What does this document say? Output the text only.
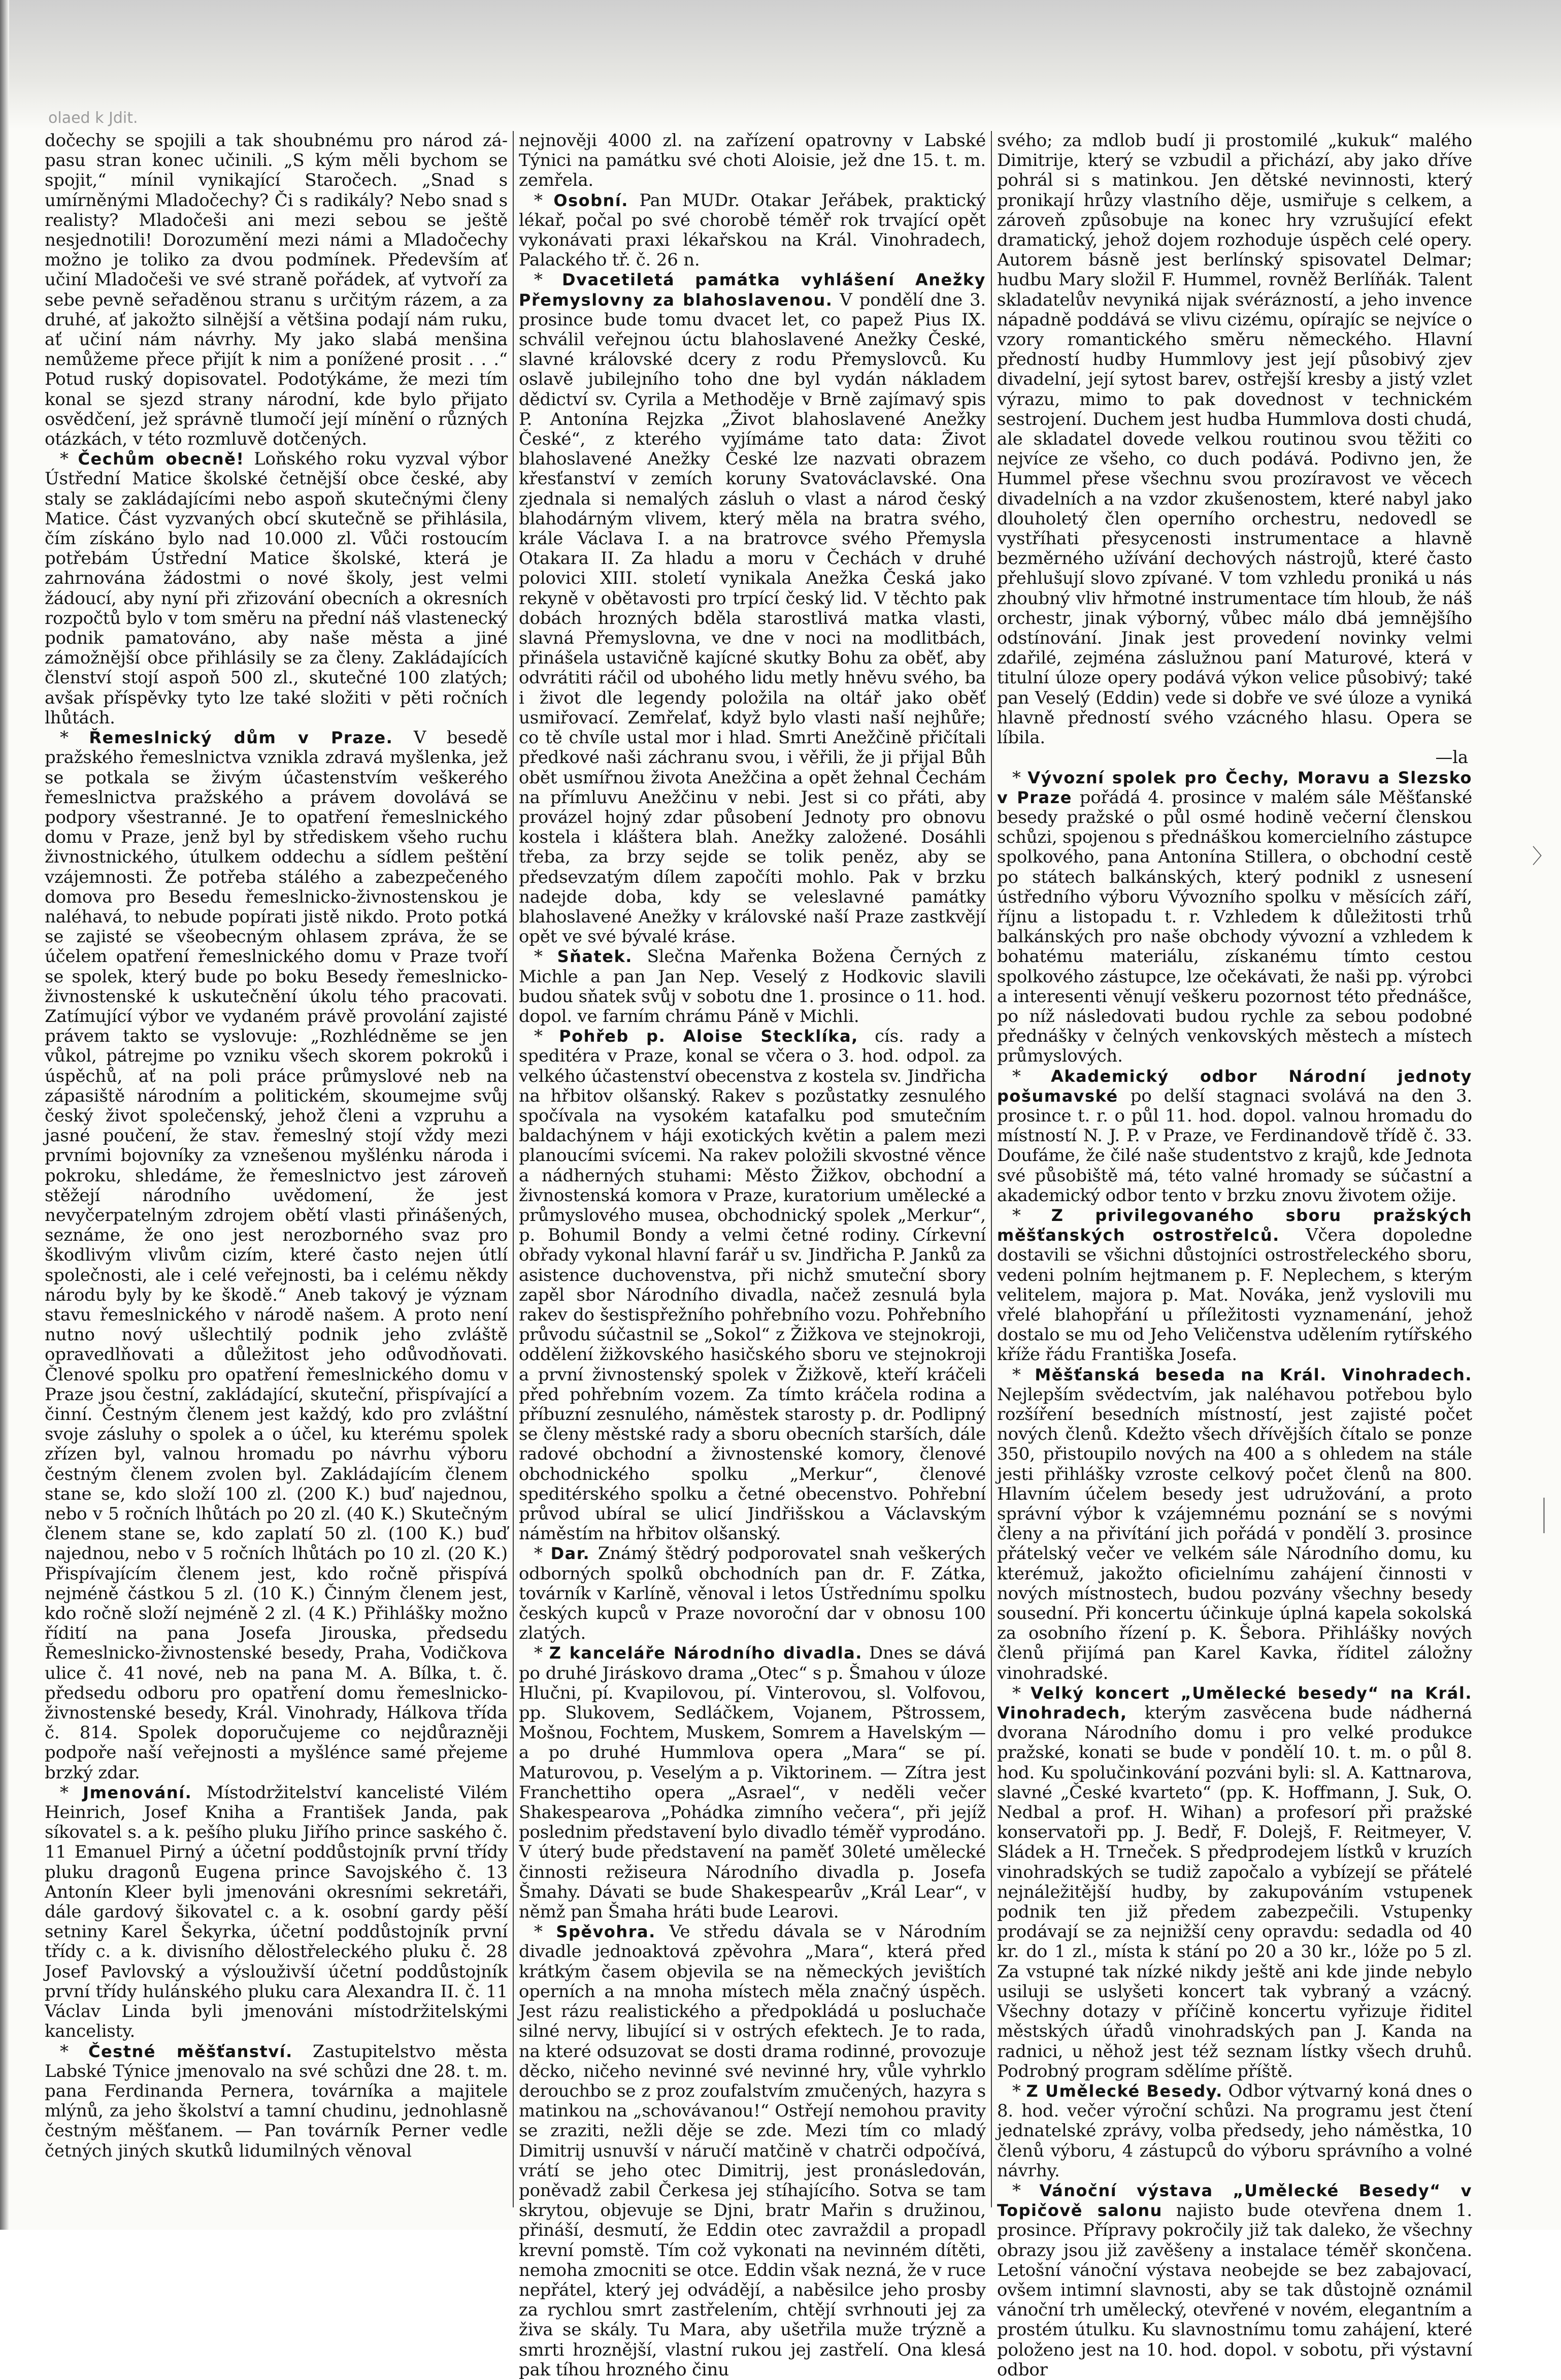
olaed k Jdit.

dočechy se spojili a tak shoubnému pro národ zá- pasu stran konec učinili. „S kým měli bychom se spojit,“ mínil vynikající Staročech. „Snad s umírněnými Mladočechy? Či s radikály? Nebo snad s realisty? Mladočeši ani mezi sebou se ještě nesjednotili! Dorozumění mezi námi a Mladočechy možno je toliko za dvou podmínek. Především ať učiní Mladočeši ve své straně pořádek, ať vytvoří za sebe pevně seřaděnou stranu s určitým rázem, a za druhé, ať jakožto silnější a většina podají nám ruku, ať učiní nám návrhy. My jako slabá menšina nemůžeme přece přijít k nim a ponížené prosit . . .“ Potud ruský dopisovatel. Podotýkáme, že mezi tím konal se sjezd strany národní, kde bylo přijato osvědčení, jež správně tlumočí její mínění o různých otázkách, v této rozmluvě dotčených.

* Čechům obecně! Loňského roku vyzval výbor Ústřední Matice školské četnější obce české, aby staly se zakládajícími nebo aspoň skutečnými členy Matice. Část vyzvaných obcí skutečně se přihlásila, čím získáno bylo nad 10.000 zl. Vůči rostoucím potřebám Ústřední Matice školské, která je zahrnována žádostmi o nové školy, jest velmi žádoucí, aby nyní při zřizování obecních a okresních rozpočtů bylo v tom směru na přední náš vlastenecký podnik pamatováno, aby naše města a jiné zámožnější obce přihlásily se za členy. Zakládajících členství stojí aspoň 500 zl., skutečné 100 zlatých; avšak příspěvky tyto lze také složiti v pěti ročních lhůtách.

* Řemeslnický dům v Praze. V besedě pražského řemeslnictva vznikla zdravá myšlenka, jež se potkala se živým účastenstvím veškerého řemeslnictva pražského a právem dovolává se podpory všestranné. Je to opatření řemeslnického domu v Praze, jenž byl by střediskem všeho ruchu živnostnického, útulkem oddechu a sídlem peštění vzájemnosti. Že potřeba stálého a zabezpečeného domova pro Besedu řemeslnicko-živnostenskou je naléhavá, to nebude popírati jistě nikdo. Proto potká se zajisté se všeobecným ohlasem zpráva, že se účelem opatření řemeslnického domu v Praze tvoří se spolek, který bude po boku Besedy řemeslnicko-živnostenské k uskutečnění úkolu tého pracovati. Zatímující výbor ve vydaném právě provolání zajisté právem takto se vyslovuje: „Rozhlédněme se jen vůkol, pátrejme po vzniku všech skorem pokroků i úspěchů, ať na poli práce průmyslové neb na zápasiště národním a politickém, skoumejme svůj český život společenský, jehož členi a vzpruhu a jasné poučení, že stav. řemeslný stojí vždy mezi prvními bojovníky za vznešenou myšlénku národa i pokroku, shledáme, že řemeslnictvo jest zároveň stěžejí národního uvědomení, že jest nevyčerpatelným zdrojem obětí vlasti přinášených, seznáme, že ono jest nerozborného svaz pro škodlivým vlivům cizím, které často nejen útlí společnosti, ale i celé veřejnosti, ba i celému někdy národu byly by ke škodě.“ Aneb takový je význam stavu řemeslnického v národě našem. A proto není nutno nový ušlechtilý podnik jeho zvláště opravedlňovati a důležitost jeho odůvodňovati. Členové spolku pro opatření řemeslnického domu v Praze jsou čestní, zakládající, skuteční, přispívající a činní. Čestným členem jest každý, kdo pro zvláštní svoje zásluhy o spolek a o účel, ku kterému spolek zřízen byl, valnou hromadu po návrhu výboru čestným členem zvolen byl. Zakládajícím členem stane se, kdo složí 100 zl. (200 K.) buď najednou, nebo v 5 ročních lhůtách po 20 zl. (40 K.) Skutečným členem stane se, kdo zaplatí 50 zl. (100 K.) buď najednou, nebo v 5 ročních lhůtách po 10 zl. (20 K.) Přispívajícím členem jest, kdo ročně přispívá nejméně částkou 5 zl. (10 K.) Činným členem jest, kdo ročně složí nejméně 2 zl. (4 K.) Přihlášky možno řídití na pana Josefa Jirouska, předsedu Řemeslnicko-živnostenské besedy, Praha, Vodičkova ulice č. 41 nové, neb na pana M. A. Bílka, t. č. předsedu odboru pro opatření domu řemeslnicko-živnostenské besedy, Král. Vinohrady, Hálkova třída č. 814. Spolek doporučujeme co nejdůrazněji podpoře naší veřejnosti a myšlénce samé přejeme brzký zdar.

* Jmenování. Místodržitelství kancelisté Vilém Heinrich, Josef Kniha a František Janda, pak síkovatel s. a k. pešího pluku Jiřího prince saského č. 11 Emanuel Pirný a účetní poddůstojník první třídy pluku dragonů Eugena prince Savojského č. 13 Antonín Kleer byli jmenováni okresními sekretáři, dále gardový šikovatel c. a k. osobní gardy pěší setniny Karel Šekyrka, účetní poddůstojník první třídy c. a k. divisního dělostřeleckého pluku č. 28 Josef Pavlovský a výslouživší účetní poddůstojník první třídy hulánského pluku cara Alexandra II. č. 11 Václav Linda byli jmenováni místodržitelskými kancelisty.

* Čestné měšťanství. Zastupitelstvo města Labské Týnice jmenovalo na své schůzi dne 28. t. m. pana Ferdinanda Pernera, továrníka a majitele mlýnů, za jeho školství a tamní chudinu, jednohlasně čestným měšťanem. — Pan továrník Perner vedle četných jiných skutků lidumilných věnoval

nejnověji 4000 zl. na zařízení opatrovny v Labské Týnici na památku své choti Aloisie, jež dne 15. t. m. zemřela.

* Osobní. Pan MUDr. Otakar Jeřábek, praktický lékař, počal po své chorobě téměř rok trvající opět vykonávati praxi lékařskou na Král. Vinohradech, Palackého tř. č. 26 n.

* Dvacetiletá památka vyhlášení Anežky Přemyslovny za blahoslavenou. V pondělí dne 3. prosince bude tomu dvacet let, co papež Pius IX. schválil veřejnou úctu blahoslavené Anežky České, slavné královské dcery z rodu Přemyslovců. Ku oslavě jubilejního toho dne byl vydán nákladem dědictví sv. Cyrila a Methoděje v Brně zajímavý spis P. Antonína Rejzka „Život blahoslavené Anežky České“, z kterého vyjímáme tato data: Život blahoslavené Anežky České lze nazvati obrazem křesťanství v zemích koruny Svatováclavské. Ona zjednala si nemalých zásluh o vlast a národ český blahodárným vlivem, který měla na bratra svého, krále Václava I. a na bratrovce svého Přemysla Otakara II. Za hladu a moru v Čechách v druhé polovici XIII. století vynikala Anežka Česká jako rekyně v obětavosti pro trpící český lid. V těchto pak dobách hrozných bděla starostlivá matka vlasti, slavná Přemyslovna, ve dne v noci na modlitbách, přinášela ustavičně kajícné skutky Bohu za oběť, aby odvrátiti ráčil od ubohého lidu metly hněvu svého, ba i život dle legendy položila na oltář jako oběť usmiřovací. Zemřelať, když bylo vlasti naší nejhůře; co tě chvíle ustal mor i hlad. Smrti Anežčině přičítali předkové naši záchranu svou, i věřili, že ji přijal Bůh obět usmířnou života Anežčina a opět žehnal Čechám na přímluvu Anežčinu v nebi. Jest si co přáti, aby provázel hojný zdar působení Jednoty pro obnovu kostela i kláštera blah. Anežky založené. Dosáhli třeba, za brzy sejde se tolik peněz, aby se předsevzatým dílem započíti mohlo. Pak v brzku nadejde doba, kdy se veleslavné památky blahoslavené Anežky v královské naší Praze zastkvějí opět ve své bývalé kráse.

* Sňatek. Slečna Mařenka Božena Černých z Michle a pan Jan Nep. Veselý z Hodkovic slavili budou sňatek svůj v sobotu dne 1. prosince o 11. hod. dopol. ve farním chrámu Páně v Michli.

* Pohřeb p. Aloise Stecklíka, cís. rady a speditéra v Praze, konal se včera o 3. hod. odpol. za velkého účastenství obecenstva z kostela sv. Jindřicha na hřbitov olšanský. Rakev s pozůstatky zesnulého spočívala na vysokém katafalku pod smutečním baldachýnem v háji exotických květin a palem mezi planoucími svícemi. Na rakev položili skvostné věnce a nádherných stuhami: Město Žižkov, obchodní a živnostenská komora v Praze, kuratorium umělecké a průmyslového musea, obchodnický spolek „Merkur“, p. Bohumil Bondy a velmi četné rodiny. Církevní obřady vykonal hlavní farář u sv. Jindřicha P. Janků za asistence duchovenstva, při nichž smuteční sbory zapěl sbor Národního divadla, načež zesnulá byla rakev do šestispřežního pohřebního vozu. Pohřebního průvodu súčastnil se „Sokol“ z Žižkova ve stejnokroji, oddělení žižkovského hasičského sboru ve stejnokroji a první živnostenský spolek v Žižkově, kteří kráčeli před pohřebním vozem. Za tímto kráčela rodina a příbuzní zesnulého, náměstek starosty p. dr. Podlipný se členy městské rady a sboru obecních starších, dále radové obchodní a živnostenské komory, členové obchodnického spolku „Merkur“, členové speditérského spolku a četné obecenstvo. Pohřební průvod ubíral se ulicí Jindřišskou a Václavským náměstím na hřbitov olšanský.

* Dar. Známý štědrý podporovatel snah veškerých odborných spolků obchodních pan dr. F. Zátka, továrník v Karlíně, věnoval i letos Ústřednímu spolku českých kupců v Praze novoroční dar v obnosu 100 zlatých.

* Z kanceláře Národního divadla. Dnes se dává po druhé Jiráskovo drama „Otec“ s p. Šmahou v úloze Hlučni, pí. Kvapilovou, pí. Vinterovou, sl. Volfovou, pp. Slukovem, Sedláčkem, Vojanem, Pštrossem, Mošnou, Fochtem, Muskem, Somrem a Havelským — a po druhé Hummlova opera „Mara“ se pí. Maturovou, p. Veselým a p. Viktorinem. — Zítra jest Franchettiho opera „Asrael“, v neděli večer Shakespearova „Pohádka zimního večera“, při jejíž poslednim představení bylo divadlo téměř vyprodáno. V úterý bude představení na paměť 30leté umělecké činnosti režiseura Národního divadla p. Josefa Šmahy. Dávati se bude Shakespearův „Král Lear“, v němž pan Šmaha hráti bude Learovi.

* Spěvohra. Ve středu dávala se v Národním divadle jednoaktová zpěvohra „Mara“, která před krátkým časem objevila se na německých jevištích operních a na mnoha místech měla značný úspěch. Jest rázu realistického a předpokládá u posluchače silné nervy, libující si v ostrých efektech. Je to rada, na které odsuzovat se dosti drama rodinné, provozuje děcko, ničeho nevinné své nevinné hry, vůle vyhrklo derouchbo se z proz zoufalstvím zmučených, hazyra s matinkou na „schovávanou!“ Ostřejí nemohou pravity se zraziti, nežli děje se zde. Mezi tím co mladý Dimitrij usnuvší v náručí matčině v chatrči odpočívá, vrátí se jeho otec Dimitrij, jest pronásledován, poněvadž zabil Čerkesa jej stíhajícího. Sotva se tam skrytou, objevuje se Djni, bratr Mařin s družinou, přináší, desmutí, že Eddin otec zavraždil a propadl krevní pomstě. Tím což vykonati na nevinném dítěti, nemoha zmocniti se otce. Eddin však nezná, že v ruce nepřátel, který jej odvádějí, a naběsilce jeho prosby za rychlou smrt zastřelením, chtějí svrhnouti jej za živa se skály. Tu Mara, aby ušetřila muže trýzně a smrti hroznější, vlastní rukou jej zastřelí. Ona klesá pak tíhou hrozného činu

svého; za mdlob budí ji prostomilé „kukuk“ malého Dimitrije, který se vzbudil a přichází, aby jako dříve pohrál si s matinkou. Jen dětské nevinnosti, který pronikají hrůzy vlastního děje, usmiřuje s celkem, a zároveň způsobuje na konec hry vzrušující efekt dramatický, jehož dojem rozhoduje úspěch celé opery. Autorem básně jest berlínský spisovatel Delmar; hudbu Mary složil F. Hummel, rovněž Berlíňák. Talent skladatelův nevyniká nijak svérázností, a jeho invence nápadně poddává se vlivu cizému, opírajíc se nejvíce o vzory romantického směru německého. Hlavní předností hudby Hummlovy jest její působivý zjev divadelní, její sytost barev, ostřejší kresby a jistý vzlet výrazu, mimo to pak dovednost v technickém sestrojení. Duchem jest hudba Hummlova dosti chudá, ale skladatel dovede velkou routinou svou těžiti co nejvíce ze všeho, co duch podává. Podivno jen, že Hummel přese všechnu svou prozíravost ve věcech divadelních a na vzdor zkušenostem, které nabyl jako dlouholetý člen operního orchestru, nedovedl se vystříhati přesycenosti instrumentace a hlavně bezměrného užívání dechových nástrojů, které často přehlušují slovo zpívané. V tom vzhledu proniká u nás zhoubný vliv hřmotné instrumentace tím hloub, že náš orchestr, jinak výborný, vůbec málo dbá jemnějšího odstínování. Jinak jest provedení novinky velmi zdařilé, zejména záslužnou paní Maturové, která v titulní úloze opery podává výkon velice působivý; také pan Veselý (Eddin) vede si dobře ve své úloze a vyniká hlavně předností svého vzácného hlasu. Opera se líbila.

—la

* Vývozní spolek pro Čechy, Moravu a Slezsko v Praze pořádá 4. prosince v malém sále Měšťanské besedy pražské o půl osmé hodině večerní členskou schůzi, spojenou s přednáškou komercielního zástupce spolkového, pana Antonína Stillera, o obchodní cestě po státech balkánských, který podnikl z usnesení ústředního výboru Vývozního spolku v měsících září, říjnu a listopadu t. r. Vzhledem k důležitosti trhů balkánských pro naše obchody vývozní a vzhledem k bohatému materiálu, získanému tímto cestou spolkového zástupce, lze očekávati, že naši pp. výrobci a interesenti věnují veškeru pozornost této přednášce, po níž následovati budou rychle za sebou podobné přednášky v čelných venkovských městech a místech průmyslových.

* Akademický odbor Národní jednoty pošumavské po delší stagnaci svolává na den 3. prosince t. r. o půl 11. hod. dopol. valnou hromadu do místností N. J. P. v Praze, ve Ferdinandově třídě č. 33. Doufáme, že čilé naše studentstvo z krajů, kde Jednota své působiště má, této valné hromady se súčastní a akademický odbor tento v brzku znovu životem ožije.

* Z privilegovaného sboru pražských měšťanských ostrostřelců. Včera dopoledne dostavili se všichni důstojníci ostrostřeleckého sboru, vedeni polním hejtmanem p. F. Neplechem, s kterým velitelem, majora p. Mat. Nováka, jenž vyslovili mu vřelé blahopřání u příležitosti vyznamenání, jehož dostalo se mu od Jeho Veličenstva udělením rytířského kříže řádu Františka Josefa.

* Měšťanská beseda na Král. Vinohradech. Nejlepším svědectvím, jak naléhavou potřebou bylo rozšíření besedních místností, jest zajisté počet nových členů. Kdežto všech dřívějších čítalo se ponze 350, přistoupilo nových na 400 a s ohledem na stále jesti přihlášky vzroste celkový počet členů na 800. Hlavním účelem besedy jest udružování, a proto správní výbor k vzájemnému poznání se s novými členy a na přivítání jich pořádá v pondělí 3. prosince přátelský večer ve velkém sále Národního domu, ku kterémuž, jakožto oficielnímu zahájení činnosti v nových místnostech, budou pozvány všechny besedy sousední. Při koncertu účinkuje úplná kapela sokolská za osobního řízení p. K. Šebora. Přihlášky nových členů přijímá pan Karel Kavka, říditel záložny vinohradské.

* Velký koncert „Umělecké besedy“ na Král. Vinohradech, kterým zasvěcena bude nádherná dvorana Národního domu i pro velké produkce pražské, konati se bude v pondělí 10. t. m. o půl 8. hod. Ku spolučinkování pozváni byli: sl. A. Kattnarova, slavné „České kvarteto“ (pp. K. Hoffmann, J. Suk, O. Nedbal a prof. H. Wihan) a profesorí při pražské konservatoři pp. J. Bedř, F. Dolejš, F. Reitmeyer, V. Sládek a H. Trneček. S předprodejem lístků v kruzích vinohradských se tudiž započalo a vybízejí se přátelé nejnáležitější hudby, by zakupováním vstupenek podnik ten již předem zabezpečili. Vstupenky prodávají se za nejnižší ceny opravdu: sedadla od 40 kr. do 1 zl., místa k stání po 20 a 30 kr., lóže po 5 zl. Za vstupné tak nízké nikdy ještě ani kde jinde nebylo usiluji se uslyšeti koncert tak vybraný a vzácný. Všechny dotazy v příčině koncertu vyřizuje řiditel městských úřadů vinohradských pan J. Kanda na radnici, u něhož jest též seznam lístky všech druhů. Podrobný program sdělíme příště.

* Z Umělecké Besedy. Odbor výtvarný koná dnes o 8. hod. večer výroční schůzi. Na programu jest čtení jednatelské zprávy, volba předsedy, jeho náměstka, 10 členů výboru, 4 zástupců do výboru správního a volné návrhy.

* Vánoční výstava „Umělecké Besedy“ v Topičově salonu najisto bude otevřena dnem 1. prosince. Přípravy pokročily již tak daleko, že všechny obrazy jsou již zavěšeny a instalace téměř skončena. Letošní vánoční výstava neobejde se bez zabajovací, ovšem intimní slavnosti, aby se tak důstojně oznámil vánoční trh umělecký, otevřené v novém, elegantním a prostém útulku. Ku slavnostnímu tomu zahájení, které položeno jest na 10. hod. dopol. v sobotu, při výstavní odbor

〉
